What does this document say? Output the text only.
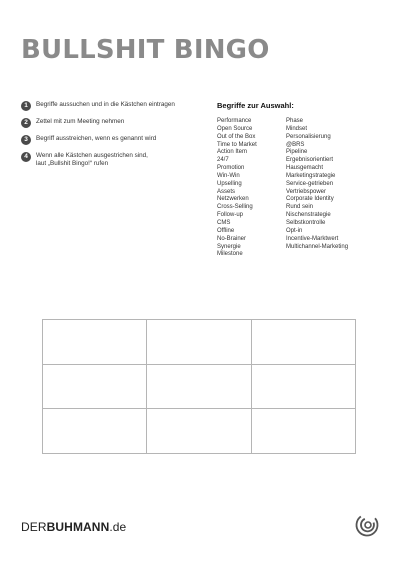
BULLSHIT BINGO
1	Begriffe aussuchen und in die Kästchen eintragen
2	Zettel mit zum Meeting nehmen
3	Begriff ausstreichen, wenn es genannt wird
4	Wenn alle Kästchen ausgestrichen sind,
laut „Bullshit Bingo!“ rufen
Begriffe zur Auswahl:
Performance
Open Source
Out of the Box
Time to Market
Action Item
24/7
Promotion
Win-Win
Upselling
Assets
Netzwerken
Cross-Selling
Follow-up
CMS
Offline
No-Brainer
Synergie
Milestone
Phase
Mindset
Personalisierung
@BRS
Pipeline
Ergebnisorientiert
Hausgemacht
Marketingstrategie
Service-getrieben
Vertriebspower
Corporate Identity
Rund sein
Nischenstrategie
Selbstkontrolle
Opt-in
Incentive-Marktwert
Multichannel-Marketing
DERBUHMANN.de
